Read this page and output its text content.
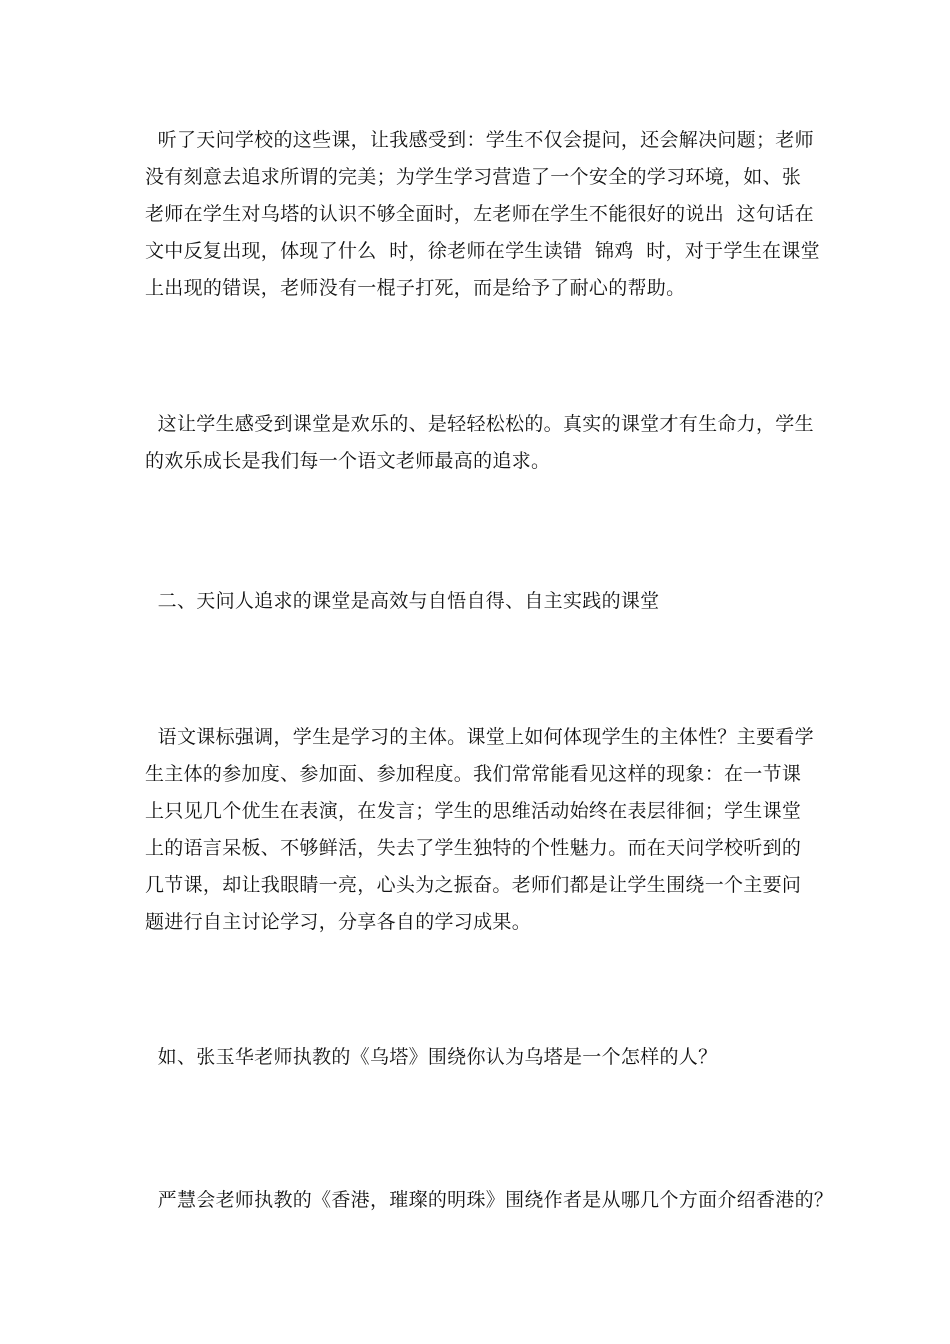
听了天问学校的这些课，让我感受到：学生不仅会提问，还会解决问题；老师
没有刻意去追求所谓的完美；为学生学习营造了一个安全的学习环境，如、张
老师在学生对乌塔的认识不够全面时，左老师在学生不能很好的说出  这句话在
文中反复出现，体现了什么  时，徐老师在学生读错  锦鸡  时，对于学生在课堂
上出现的错误，老师没有一棍子打死，而是给予了耐心的帮助。
这让学生感受到课堂是欢乐的、是轻轻松松的。真实的课堂才有生命力，学生
的欢乐成长是我们每一个语文老师最高的追求。
二、天问人追求的课堂是高效与自悟自得、自主实践的课堂
语文课标强调，学生是学习的主体。课堂上如何体现学生的主体性？主要看学
生主体的参加度、参加面、参加程度。我们常常能看见这样的现象：在一节课
上只见几个优生在表演，在发言；学生的思维活动始终在表层徘徊；学生课堂
上的语言呆板、不够鲜活，失去了学生独特的个性魅力。而在天问学校听到的
几节课，却让我眼睛一亮，心头为之振奋。老师们都是让学生围绕一个主要问
题进行自主讨论学习，分享各自的学习成果。
如、张玉华老师执教的《乌塔》围绕你认为乌塔是一个怎样的人？
严慧会老师执教的《香港，璀璨的明珠》围绕作者是从哪几个方面介绍香港的？
